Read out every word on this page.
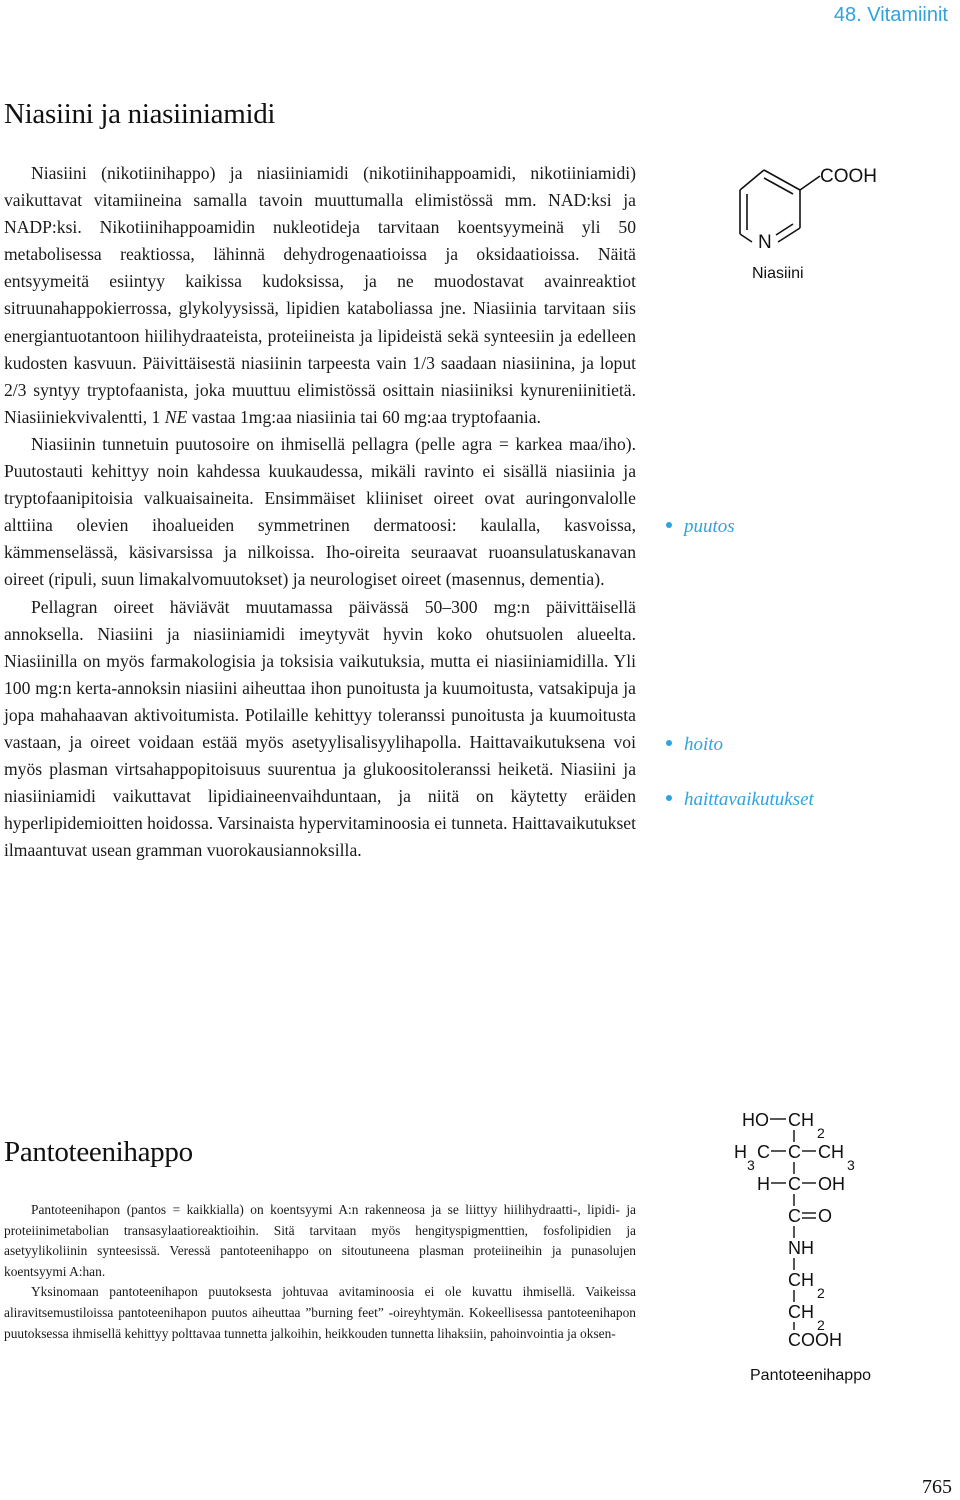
48. Vitamiinit
Niasiini ja niasiiniamidi

Niasiini (nikotiinihappo) ja niasiiniamidi (nikotiinihappoamidi, nikotiiniamidi) vaikuttavat vitamiineina samalla tavoin muuttumalla elimistössä mm. NAD:ksi ja NADP:ksi. Nikotiinihappoamidin nukleotideja tarvitaan koentsyymeinä yli 50 metabolisessa reaktiossa, lähinnä dehydrogenaatioissa ja oksidaatioissa. Näitä entsyymeitä esiintyy kaikissa kudoksissa, ja ne muodostavat avainreaktiot sitruunahappokierrossa, glykolyysissä, lipidien kataboliassa jne. Niasiinia tarvitaan siis energiantuotantoon hiilihydraateista, proteiineista ja lipideistä sekä synteesiin ja edelleen kudosten kasvuun. Päivittäisestä niasiinin tarpeesta vain 1/3 saadaan niasiinina, ja loput 2/3 syntyy tryptofaanista, joka muuttuu elimistössä osittain niasiiniksi kynureniinitietä. Niasiiniekvivalentti, 1 NE vastaa 1mg:aa niasiinia tai 60 mg:aa tryptofaania.

Niasiinin tunnetuin puutosoire on ihmisellä pellagra (pelle agra = karkea maa/iho). Puutostauti kehittyy noin kahdessa kuukaudessa, mikäli ravinto ei sisällä niasiinia ja tryptofaanipitoisia valkuaisaineita. Ensimmäiset kliiniset oireet ovat auringonvalolle alttiina olevien ihoalueiden symmetrinen dermatoosi: kaulalla, kasvoissa, kämmenselässä, käsivarsissa ja nilkoissa. Iho-oireita seuraavat ruoansulatuskanavan oireet (ripuli, suun limakalvomuutokset) ja neurologiset oireet (masennus, dementia).

Pellagran oireet häviävät muutamassa päivässä 50–300 mg:n päivittäisellä annoksella. Niasiini ja niasiiniamidi imeytyvät hyvin koko ohutsuolen alueelta. Niasiinilla on myös farmakologisia ja toksisia vaikutuksia, mutta ei niasiiniamidilla. Yli 100 mg:n kerta-annoksin niasiini aiheuttaa ihon punoitusta ja kuumoitusta, vatsakipuja ja jopa mahahaavan aktivoitumista. Potilaille kehittyy toleranssi punoitusta ja kuumoitusta vastaan, ja oireet voidaan estää myös asetyylisalisyylihapolla. Haittavaikutuksena voi myös plasman virtsahappopitoisuus suurentua ja glukoositoleranssi heiketä. Niasiini ja niasiiniamidi vaikuttavat lipidiaineenvaihduntaan, ja niitä on käytetty eräiden hyperlipidemioitten hoidossa. Varsinaista hypervitaminoosia ei tunneta. Haittavaikutukset ilmaantuvat usean gramman vuorokausiannoksilla.

puutos
hoito
haittavaikutukset
COOH
N
Niasiini
Pantoteenihappo

Pantoteenihapon (pantos = kaikkialla) on koentsyymi A:n rakenneosa ja se liittyy hiilihydraatti-, lipidi- ja proteiinimetabolian transasylaatioreaktioihin. Sitä tarvitaan myös hengityspigmenttien, fosfolipidien ja asetyylikoliinin synteesissä. Veressä pantoteenihappo on sitoutuneena plasman proteiineihin ja punasolujen koentsyymi A:han.

Yksinomaan pantoteenihapon puutoksesta johtuvaa avitaminoosia ei ole kuvattu ihmisellä. Vaikeissa aliravitsemustiloissa pantoteenihapon puutos aiheuttaa ”burning feet” -oireyhtymän. Kokeellisessa pantoteenihapon puutoksessa ihmisellä kehittyy polttavaa tunnetta jalkoihin, heikkouden tunnetta lihaksiin, pahoinvointia ja oksen-

HO CH
2
H
3
C C CH
3
H C OH
C O
NH
CH
2
CH
2
COOH
Pantoteenihappo
765
